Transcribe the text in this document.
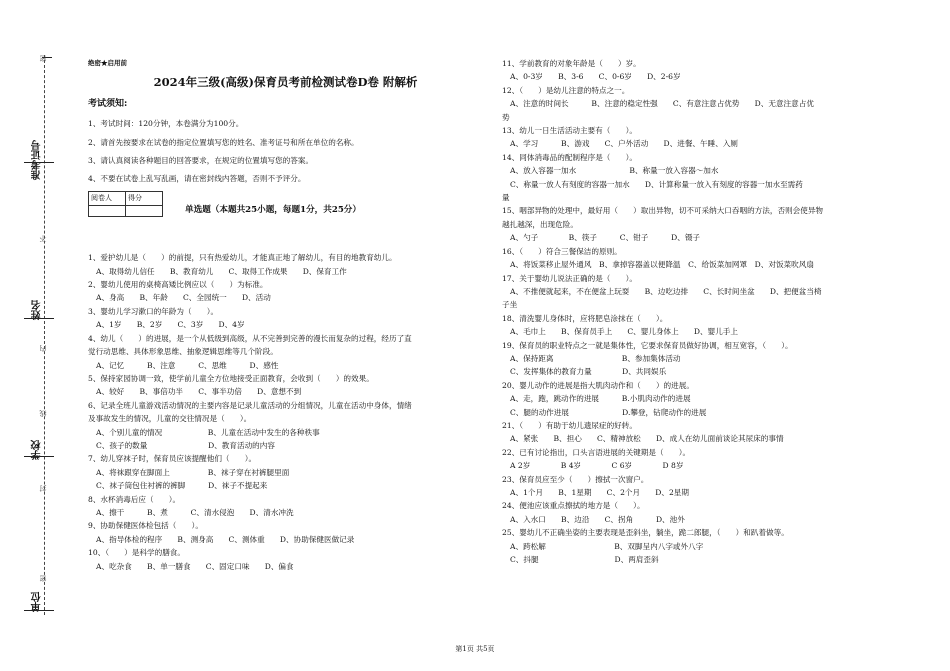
准考证号
姓名
学校
单位
密
不
内
线
封
密
绝密★启用前
2024年三级(高级)保育员考前检测试卷D卷 附解析
考试须知:
1、考试时间：120分钟，本卷满分为100分。
2、请首先按要求在试卷的指定位置填写您的姓名、准考证号和所在单位的名称。
3、请认真阅读各种题目的回答要求，在规定的位置填写您的答案。
4、不要在试卷上乱写乱画，请在密封线内答题，否则不予评分。
阅卷人	得分

单选题（本题共25小题，每题1分，共25分）
1、爱护幼儿是（　　）的前提，只有热爱幼儿，才能真正地了解幼儿，有目的地教育幼儿。
A、取得幼儿信任　　B、教育幼儿　　C、取得工作成果　　D、保育工作
2、婴幼儿使用的桌椅高矮比例应以（　　）为标准。
A、身高　　B、年龄　　C、全园统一　　D、活动
3、婴幼儿学习漱口的年龄为（　　）。
A、1岁　　B、2岁　　C、3岁　　D、4岁
4、幼儿（　　）的进展，是一个从低级到高级，从不完善到完善的漫长而复杂的过程，经历了直
觉行动思维、具体形象思维、抽象逻辑思维等几个阶段。
A、记忆　　　B、注意　　　C、思维　　　D、感性
5、保持家园协调一致，使学前儿童全方位地接受正面教育，会收到（　　）的效果。
A、较好　　B、事倍功半　　C、事半功倍　　D、意想不到
6、记录全班儿童游戏活动情况的主要内容是记录儿童活动的分组情况，儿童在活动中身体，情绪
及事故发生的情况，儿童的交往情况是（　　）。
A、个别儿童的情况　　　　　　B、儿童在活动中发生的各种秩事
C、孩子的数量　　　　　　　　D、教育活动的内容
7、幼儿穿袜子时，保育员应该提醒他们（　　）。
A、将袜跟穿在脚面上　　　　　B、袜子穿在衬裤腿里面
C、袜子筒包住衬裤的裤脚　　　D、袜子不提起来
8、水杯消毒后应（　　）。
A、擦干　　　B、煮　　　C、清水侵泡　　D、清水冲洗
9、协助保健医体检包括（　　）。
A、指导体检的程序　　B、测身高　　C、测体重　　D、协助保健医做记录
10、（　　）是科学的膳食。
A、吃杂食　　B、单一膳食　　C、固定口味　　D、偏食
11、学前教育的对象年龄是（　　）岁。
A、0-3岁　　B、3-6　　C、0-6岁　　D、2-6岁
12、（　　）是幼儿注意的特点之一。
A、注意的时间长　　　B、注意的稳定性强　　C、有意注意占优势　　D、无意注意占优
势
13、幼儿一日生活活动主要有（　　）。
A、学习　　　B、游戏　　C、户外活动　　D、进餐、午睡、入厕
14、同体消毒品的配制程序是（　　）。
A、放入容器一加水　　　　　　　B、称量一放入容器～加水
C、称量一放人有刻度的容器一加水　　D、计算称量一放入有刻度的容器一加水至需药
量
15、咽部异物的处理中，最好用（　　）取出异物，切不可采纳大口吞咽的方法，否则会使异物
越扎越深，出现危险。
A、勺子　　　　B、筷子　　　C、钳子　　　D、镊子
16、（　　）符合三餐保洁的原则。
A、将饭菜移止屋外通风　B、拿掉容器盖以便降温　C、给饭菜加网罩　D、对饭菜吹风扇
17、关于婴幼儿说法正确的是（　　）。
A、不推便就起来，不在便盆上玩耍　　B、边吃边排　　C、长时间坐盆　　D、把便盆当椅
子坐
18、清洗婴儿身体时，应将肥皂涂抹在（　　）。
A、毛巾上　　B、保育员手上　　C、婴儿身体上　　D、婴儿手上
19、保育员的职业特点之一就是集体性，它要求保育员做好协调，相互宽容，（　　）。
A、保持距离　　　　　　　　　B、参加集体活动
C、发挥集体的教育力量　　　　D、共同娱乐
20、婴儿动作的进展是指大肌肉动作和（　　）的进展。
A、走，跑，跳动作的进展　　　B.小肌肉动作的进展
C、腿的动作进展　　　　　　　D.攀登，钻爬动作的进展
21、（　　）有助于幼儿遗尿症的好转。
A、紧张　　B、担心　　C、精神放松　　D、成人在幼儿面前谈论其尿床的事情
22、已有讨论指出，口头言语进展的关键期是（　　）。
A 2岁　　　　B 4岁　　　　C 6岁　　　　D 8岁
23、保育员应至少（　　）擦拭一次窗户。
A、1个月　　B、1星期　　C、2个月　　D、2星期
24、便池应该重点擦拭的地方是（　　）。
A、入水口　　B、边沿　　C、拐角　　　D、池外
25、婴幼儿不正确坐姿的主要表现是歪斜坐，躺坐，跪二郎腿，（　　）和趴着做等。
A、跨松解　　　　　　　　　B、双脚呈内八字或外八字
C、抖腿　　　　　　　　　　D、两肩歪斜
第1页 共5页
